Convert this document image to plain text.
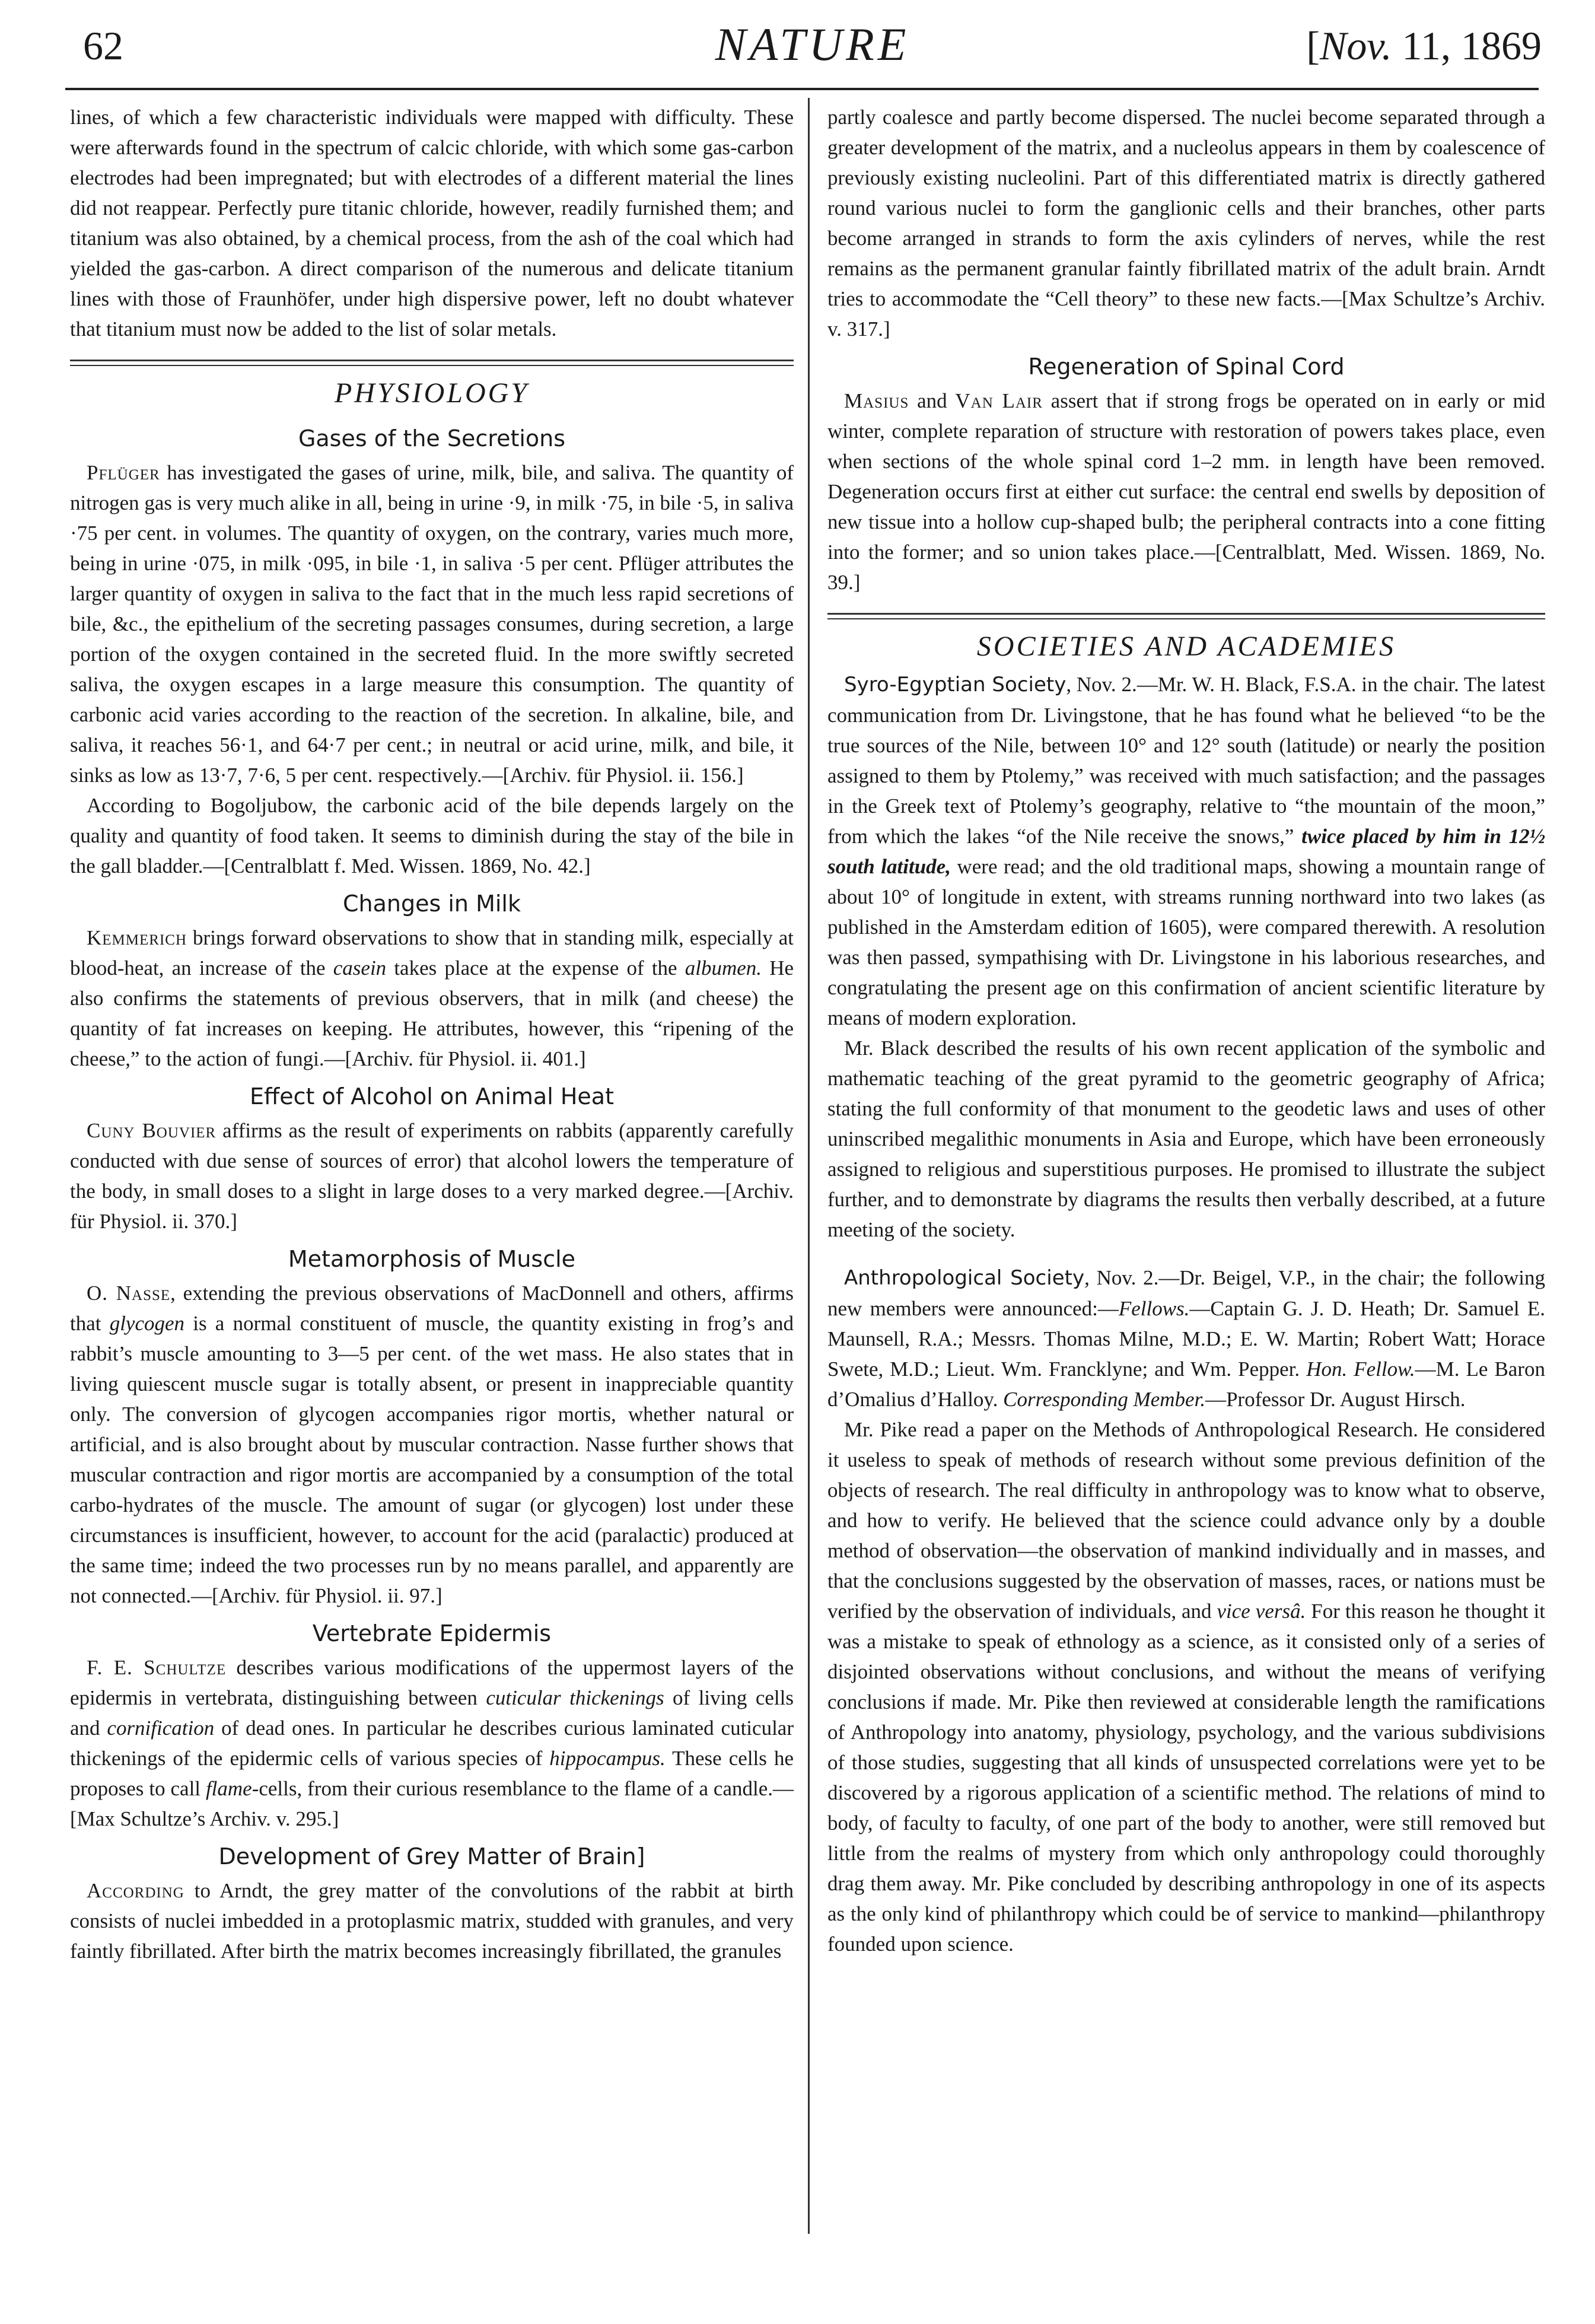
62	NATURE	[Nov. 11, 1869

lines, of which a few characteristic individuals were mapped with difficulty. These were afterwards found in the spectrum of calcic chloride, with which some gas-carbon electrodes had been impregnated; but with electrodes of a different material the lines did not reappear. Perfectly pure titanic chloride, however, readily furnished them; and titanium was also obtained, by a chemical process, from the ash of the coal which had yielded the gas-carbon. A direct comparison of the numerous and delicate titanium lines with those of Fraunhöfer, under high dispersive power, left no doubt whatever that titanium must now be added to the list of solar metals.

PHYSIOLOGY
Gases of the Secretions

Pflüger has investigated the gases of urine, milk, bile, and saliva. The quantity of nitrogen gas is very much alike in all, being in urine ·9, in milk ·75, in bile ·5, in saliva ·75 per cent. in volumes. The quantity of oxygen, on the contrary, varies much more, being in urine ·075, in milk ·095, in bile ·1, in saliva ·5 per cent. Pflüger attributes the larger quantity of oxygen in saliva to the fact that in the much less rapid secretions of bile, &c., the epithelium of the secreting passages consumes, during secretion, a large portion of the oxygen contained in the secreted fluid. In the more swiftly secreted saliva, the oxygen escapes in a large measure this consumption. The quantity of carbonic acid varies according to the reaction of the secretion. In alkaline, bile, and saliva, it reaches 56·1, and 64·7 per cent.; in neutral or acid urine, milk, and bile, it sinks as low as 13·7, 7·6, 5 per cent. respectively.—[Archiv. für Physiol. ii. 156.]

According to Bogoljubow, the carbonic acid of the bile depends largely on the quality and quantity of food taken. It seems to diminish during the stay of the bile in the gall bladder.—[Centralblatt f. Med. Wissen. 1869, No. 42.]

Changes in Milk

Kemmerich brings forward observations to show that in standing milk, especially at blood-heat, an increase of the casein takes place at the expense of the albumen. He also confirms the statements of previous observers, that in milk (and cheese) the quantity of fat increases on keeping. He attributes, however, this “ripening of the cheese,” to the action of fungi.—[Archiv. für Physiol. ii. 401.]

Effect of Alcohol on Animal Heat

Cuny Bouvier affirms as the result of experiments on rabbits (apparently carefully conducted with due sense of sources of error) that alcohol lowers the temperature of the body, in small doses to a slight in large doses to a very marked degree.—[Archiv. für Physiol. ii. 370.]

Metamorphosis of Muscle

O. Nasse, extending the previous observations of MacDonnell and others, affirms that glycogen is a normal constituent of muscle, the quantity existing in frog’s and rabbit’s muscle amounting to 3—5 per cent. of the wet mass. He also states that in living quiescent muscle sugar is totally absent, or present in inappreciable quantity only. The conversion of glycogen accompanies rigor mortis, whether natural or artificial, and is also brought about by muscular contraction. Nasse further shows that muscular contraction and rigor mortis are accompanied by a consumption of the total carbo-hydrates of the muscle. The amount of sugar (or glycogen) lost under these circumstances is insufficient, however, to account for the acid (paralactic) produced at the same time; indeed the two processes run by no means parallel, and apparently are not connected.—[Archiv. für Physiol. ii. 97.]

Vertebrate Epidermis

F. E. Schultze describes various modifications of the uppermost layers of the epidermis in vertebrata, distinguishing between cuticular thickenings of living cells and cornification of dead ones. In particular he describes curious laminated cuticular thickenings of the epidermic cells of various species of hippocampus. These cells he proposes to call flame-cells, from their curious resemblance to the flame of a candle.—[Max Schultze’s Archiv. v. 295.]

Development of Grey Matter of Brain]

According to Arndt, the grey matter of the convolutions of the rabbit at birth consists of nuclei imbedded in a protoplasmic matrix, studded with granules, and very faintly fibrillated. After birth the matrix becomes increasingly fibrillated, the granules

partly coalesce and partly become dispersed. The nuclei become separated through a greater development of the matrix, and a nucleolus appears in them by coalescence of previously existing nucleolini. Part of this differentiated matrix is directly gathered round various nuclei to form the ganglionic cells and their branches, other parts become arranged in strands to form the axis cylinders of nerves, while the rest remains as the permanent granular faintly fibrillated matrix of the adult brain. Arndt tries to accommodate the “Cell theory” to these new facts.—[Max Schultze’s Archiv. v. 317.]

Regeneration of Spinal Cord

Masius and Van Lair assert that if strong frogs be operated on in early or mid winter, complete reparation of structure with restoration of powers takes place, even when sections of the whole spinal cord 1–2 mm. in length have been removed. Degeneration occurs first at either cut surface: the central end swells by deposition of new tissue into a hollow cup-shaped bulb; the peripheral contracts into a cone fitting into the former; and so union takes place.—[Centralblatt, Med. Wissen. 1869, No. 39.]

SOCIETIES AND ACADEMIES

Syro-Egyptian Society, Nov. 2.—Mr. W. H. Black, F.S.A. in the chair. The latest communication from Dr. Livingstone, that he has found what he believed “to be the true sources of the Nile, between 10° and 12° south (latitude) or nearly the position assigned to them by Ptolemy,” was received with much satisfaction; and the passages in the Greek text of Ptolemy’s geography, relative to “the mountain of the moon,” from which the lakes “of the Nile receive the snows,” twice placed by him in 12½ south latitude, were read; and the old traditional maps, showing a mountain range of about 10° of longitude in extent, with streams running northward into two lakes (as published in the Amsterdam edition of 1605), were compared therewith. A resolution was then passed, sympathising with Dr. Livingstone in his laborious researches, and congratulating the present age on this confirmation of ancient scientific literature by means of modern exploration.

Mr. Black described the results of his own recent application of the symbolic and mathematic teaching of the great pyramid to the geometric geography of Africa; stating the full conformity of that monument to the geodetic laws and uses of other uninscribed megalithic monuments in Asia and Europe, which have been erroneously assigned to religious and superstitious purposes. He promised to illustrate the subject further, and to demonstrate by diagrams the results then verbally described, at a future meeting of the society.

Anthropological Society, Nov. 2.—Dr. Beigel, V.P., in the chair; the following new members were announced:—Fellows.—Captain G. J. D. Heath; Dr. Samuel E. Maunsell, R.A.; Messrs. Thomas Milne, M.D.; E. W. Martin; Robert Watt; Horace Swete, M.D.; Lieut. Wm. Francklyne; and Wm. Pepper. Hon. Fellow.—M. Le Baron d’Omalius d’Halloy. Corresponding Member.—Professor Dr. August Hirsch.

Mr. Pike read a paper on the Methods of Anthropological Research. He considered it useless to speak of methods of research without some previous definition of the objects of research. The real difficulty in anthropology was to know what to observe, and how to verify. He believed that the science could advance only by a double method of observation—the observation of mankind individually and in masses, and that the conclusions suggested by the observation of masses, races, or nations must be verified by the observation of individuals, and vice versâ. For this reason he thought it was a mistake to speak of ethnology as a science, as it consisted only of a series of disjointed observations without conclusions, and without the means of verifying conclusions if made. Mr. Pike then reviewed at considerable length the ramifications of Anthropology into anatomy, physiology, psychology, and the various subdivisions of those studies, suggesting that all kinds of unsuspected correlations were yet to be discovered by a rigorous application of a scientific method. The relations of mind to body, of faculty to faculty, of one part of the body to another, were still removed but little from the realms of mystery from which only anthropology could thoroughly drag them away. Mr. Pike concluded by describing anthropology in one of its aspects as the only kind of philanthropy which could be of service to mankind—philanthropy founded upon science.
